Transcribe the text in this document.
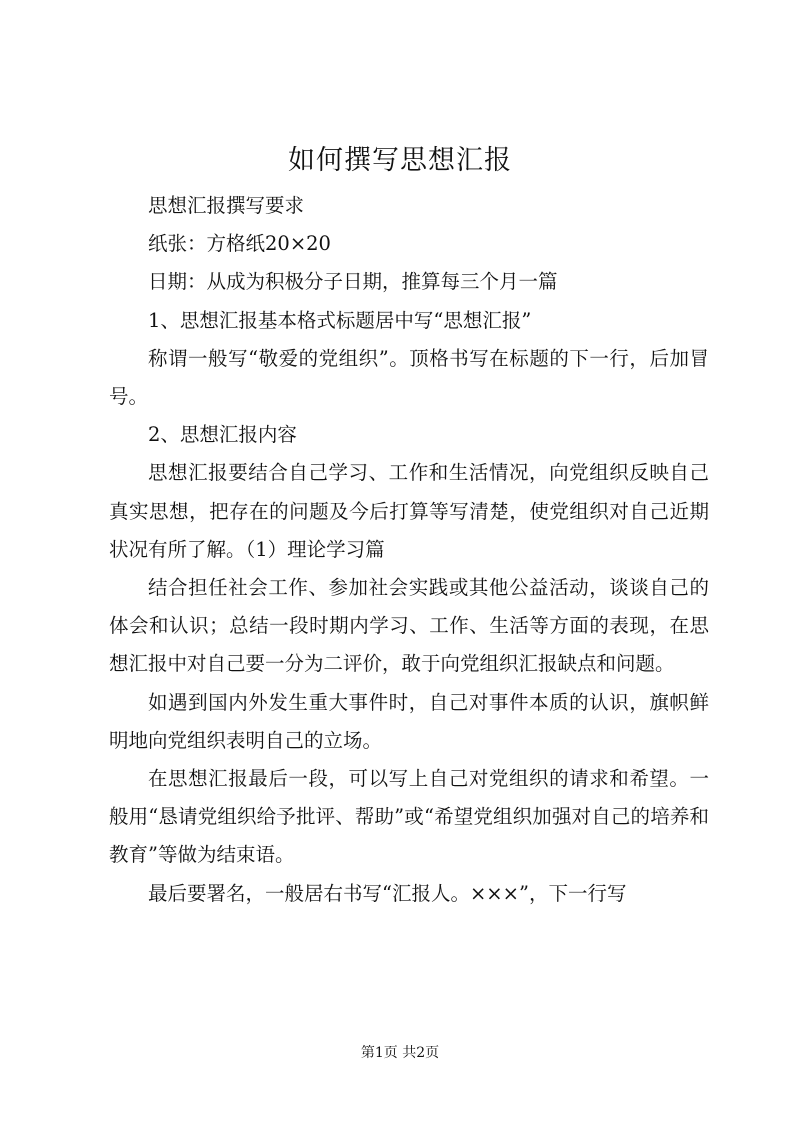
如何撰写思想汇报

思想汇报撰写要求

纸张：方格纸20×20

日期：从成为积极分子日期，推算每三个月一篇

1、思想汇报基本格式标题居中写“思想汇报”

称谓一般写“敬爱的党组织”。顶格书写在标题的下一行，后加冒号。

2、思想汇报内容

思想汇报要结合自己学习、工作和生活情况，向党组织反映自己真实思想，把存在的问题及今后打算等写清楚，使党组织对自己近期状况有所了解。（1）理论学习篇

结合担任社会工作、参加社会实践或其他公益活动，谈谈自己的体会和认识；总结一段时期内学习、工作、生活等方面的表现，在思想汇报中对自己要一分为二评价，敢于向党组织汇报缺点和问题。

如遇到国内外发生重大事件时，自己对事件本质的认识，旗帜鲜明地向党组织表明自己的立场。

在思想汇报最后一段，可以写上自己对党组织的请求和希望。一般用“恳请党组织给予批评、帮助”或“希望党组织加强对自己的培养和教育”等做为结束语。

最后要署名，一般居右书写“汇报人。×××”，下一行写

第1页 共2页
